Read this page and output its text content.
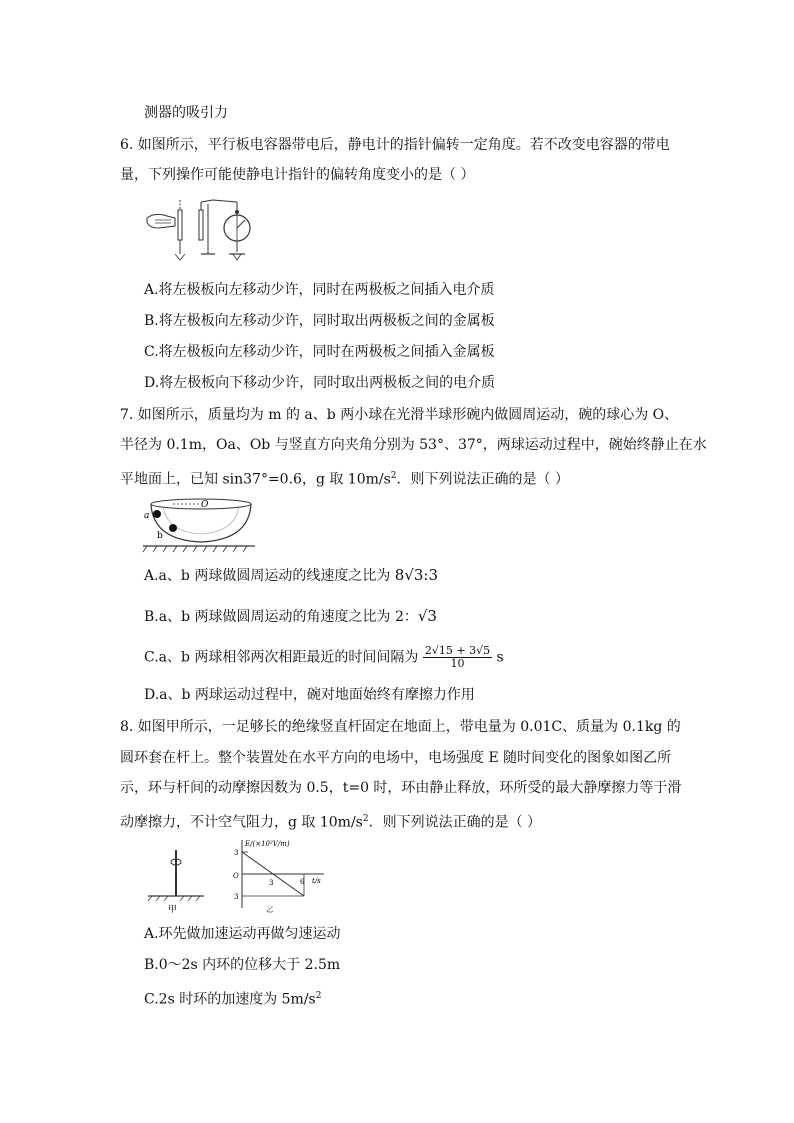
测器的吸引力
6. 如图所示，平行板电容器带电后，静电计的指针偏转一定角度。若不改变电容器的带电
量，下列操作可能使静电计指针的偏转角度变小的是（ ）
A.将左极板向左移动少许，同时在两极板之间插入电介质
B.将左极板向左移动少许，同时取出两极板之间的金属板
C.将左极板向左移动少许，同时在两极板之间插入金属板
D.将左极板向下移动少许，同时取出两极板之间的电介质
7. 如图所示，质量均为 m 的 a、b 两小球在光滑半球形碗内做圆周运动，碗的球心为 O、
半径为 0.1m，Oa、Ob 与竖直方向夹角分别为 53°、37°，两球运动过程中，碗始终静止在水
平地面上，已知 sin37°=0.6，g 取 $10m/s^2$．则下列说法正确的是（ ）
O
a
b
A.a、b 两球做圆周运动的线速度之比为 8√3:3
B.a、b 两球做圆周运动的角速度之比为 2：√3
C.a、b 两球相邻两次相距最近的时间间隔为 $\frac{2√15 + 3√5}{10}$ s
D.a、b 两球运动过程中，碗对地面始终有摩擦力作用
8. 如图甲所示，一足够长的绝缘竖直杆固定在地面上，带电量为 0.01C、质量为 0.1kg 的
圆环套在杆上。整个装置处在水平方向的电场中，电场强度 E 随时间变化的图象如图乙所
示，环与杆间的动摩擦因数为 0.5，t=0 时，环由静止释放，环所受的最大静摩擦力等于滑
动摩擦力，不计空气阻力，g 取 $10m/s^2$．则下列说法正确的是（ ）
甲
E/(×10²V/m)
t/s
O
3
3
3	6
乙
A.环先做加速运动再做匀速运动
B.0～2s 内环的位移大于 2.5m
C.2s 时环的加速度为 $5m/s^2$
